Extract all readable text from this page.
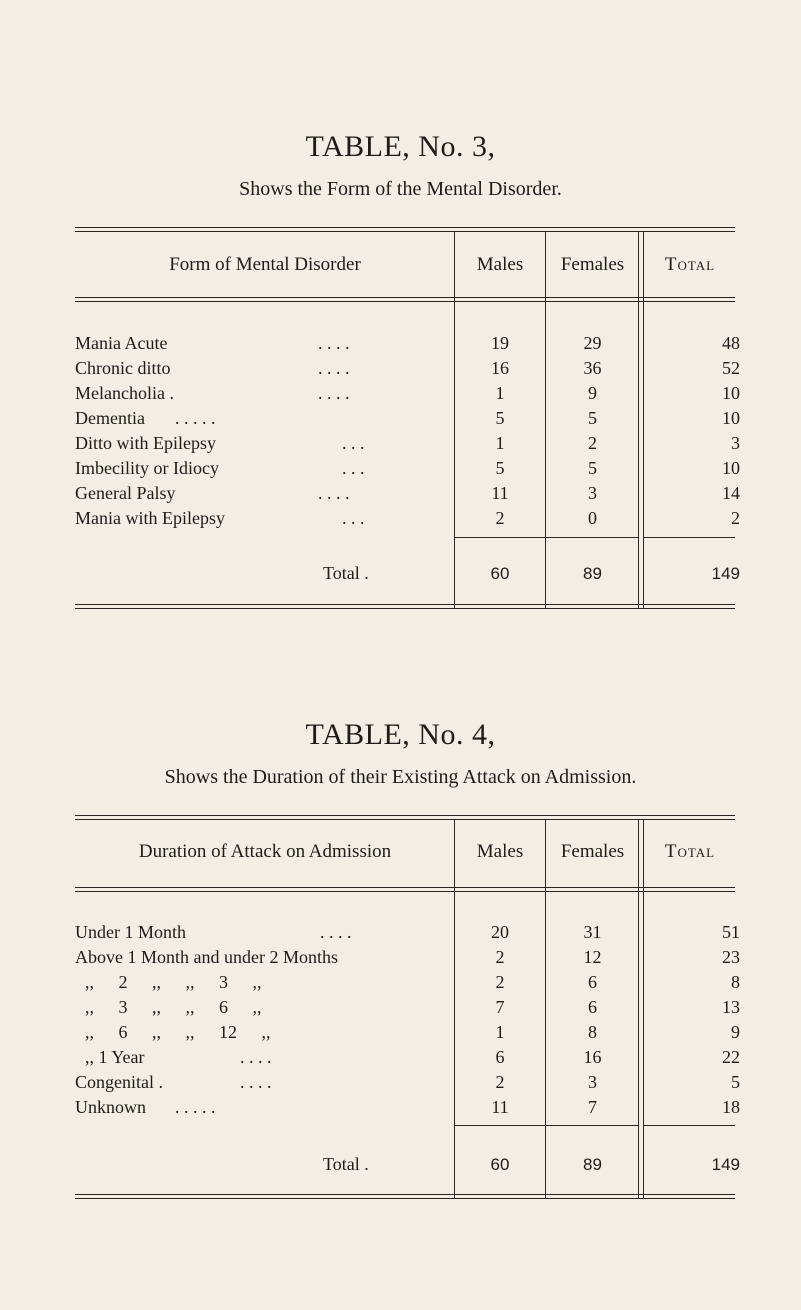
TABLE, No. 3,
Shows the Form of the Mental Disorder.
Form of Mental Disorder	Males	Females	Total
Mania Acute	. . . .	19	29	48
Chronic ditto	. . . .	16	36	52
Melancholia .	. . . .	1	9	10
Dementia . . . . .	5	5	10
Ditto with Epilepsy	. . .	1	2	3
Imbecility or Idiocy	. . .	5	5	10
General Palsy	. . . .	11	3	14
Mania with Epilepsy	. . .	2	0	2
Total .	60	89	149
TABLE, No. 4,
Shows the Duration of their Existing Attack on Admission.
Duration of Attack on Admission	Males	Females	Total
Under 1 Month	. . . .	20	31	51
Above 1 Month and under 2 Months	2	12	23
,, 2 ,, ,, 3 ,,	2	6	8
,, 3 ,, ,, 6 ,,	7	6	13
,, 6 ,, ,, 12 ,,	1	8	9
,, 1 Year	. . . .	6	16	22
Congenital .	. . . .	2	3	5
Unknown . . . . .	11	7	18
Total .	60	89	149
